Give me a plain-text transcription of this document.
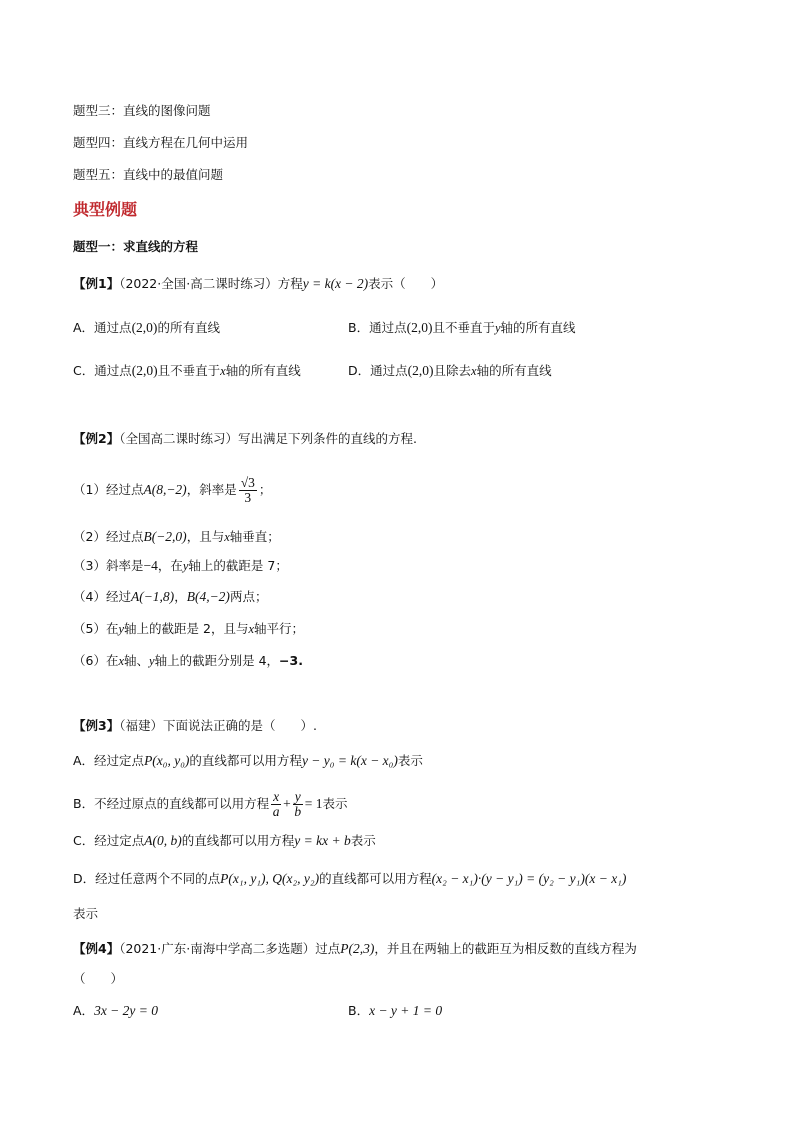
题型三：直线的图像问题
题型四：直线方程在几何中运用
题型五：直线中的最值问题
典型例题
题型一：求直线的方程
【例1】（2022·全国·高二课时练习）方程y = k(x − 2)表示（　　）
A．通过点(2,0)的所有直线	B．通过点(2,0)且不垂直于y轴的所有直线
C．通过点(2,0)且不垂直于x轴的所有直线	D．通过点(2,0)且除去x轴的所有直线
【例2】（全国高二课时练习）写出满足下列条件的直线的方程.
（1）经过点A(8,−2)，斜率是 $\frac{√3}{3}$ ；
（2）经过点B(−2,0)，且与x轴垂直；
（3）斜率是−4，在y轴上的截距是 7；
（4）经过A(−1,8)，B(4,−2)两点；
（5）在y轴上的截距是 2，且与x轴平行；
（6）在x轴、y轴上的截距分别是 4，−3.
【例3】（福建）下面说法正确的是（　　）.
A．经过定点P(x₀, y₀)的直线都可以用方程y − y₀ = k(x − x₀)表示
B．不经过原点的直线都可以用方程 $\frac{x}{a} + \frac{y}{b} = 1$表示
C．经过定点A(0, b)的直线都可以用方程y = kx + b表示
D．经过任意两个不同的点P(x₁, y₁), Q(x₂, y₂)的直线都可以用方程(x₂ − x₁)·(y − y₁) = (y₂ − y₁)(x − x₁)
表示
【例4】（2021·广东·南海中学高二多选题）过点P(2,3)，并且在两轴上的截距互为相反数的直线方程为
（　　）
A．3x − 2y = 0	B．x − y + 1 = 0
